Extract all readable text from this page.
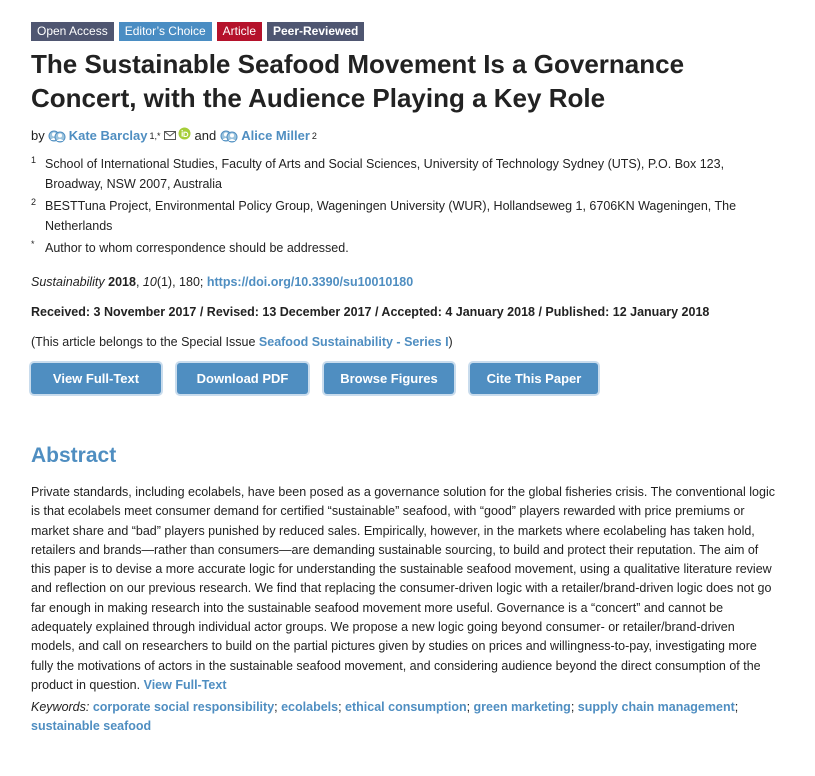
Open Access	Editor’s Choice	Article	Peer-Reviewed
The Sustainable Seafood Movement Is a Governance Concert, with the Audience Playing a Key Role
by Kate Barclay 1,*	and Alice Miller 2
1 School of International Studies, Faculty of Arts and Social Sciences, University of Technology Sydney (UTS), P.O. Box 123, Broadway, NSW 2007, Australia
2 BESTTuna Project, Environmental Policy Group, Wageningen University (WUR), Hollandseweg 1, 6706KN Wageningen, The Netherlands
* Author to whom correspondence should be addressed.
Sustainability 2018, 10(1), 180; https://doi.org/10.3390/su10010180
Received: 3 November 2017 / Revised: 13 December 2017 / Accepted: 4 January 2018 / Published: 12 January 2018
(This article belongs to the Special Issue Seafood Sustainability - Series I)
View Full-Text	Download PDF	Browse Figures	Cite This Paper
Abstract
Private standards, including ecolabels, have been posed as a governance solution for the global fisheries crisis. The conventional logic is that ecolabels meet consumer demand for certified “sustainable” seafood, with “good” players rewarded with price premiums or market share and “bad” players punished by reduced sales. Empirically, however, in the markets where ecolabeling has taken hold, retailers and brands—rather than consumers—are demanding sustainable sourcing, to build and protect their reputation. The aim of this paper is to devise a more accurate logic for understanding the sustainable seafood movement, using a qualitative literature review and reflection on our previous research. We find that replacing the consumer-driven logic with a retailer/brand-driven logic does not go far enough in making research into the sustainable seafood movement more useful. Governance is a “concert” and cannot be adequately explained through individual actor groups. We propose a new logic going beyond consumer- or retailer/brand-driven models, and call on researchers to build on the partial pictures given by studies on prices and willingness-to-pay, investigating more fully the motivations of actors in the sustainable seafood movement, and considering audience beyond the direct consumption of the product in question. View Full-Text
Keywords: corporate social responsibility; ecolabels; ethical consumption; green marketing; supply chain management; sustainable seafood
